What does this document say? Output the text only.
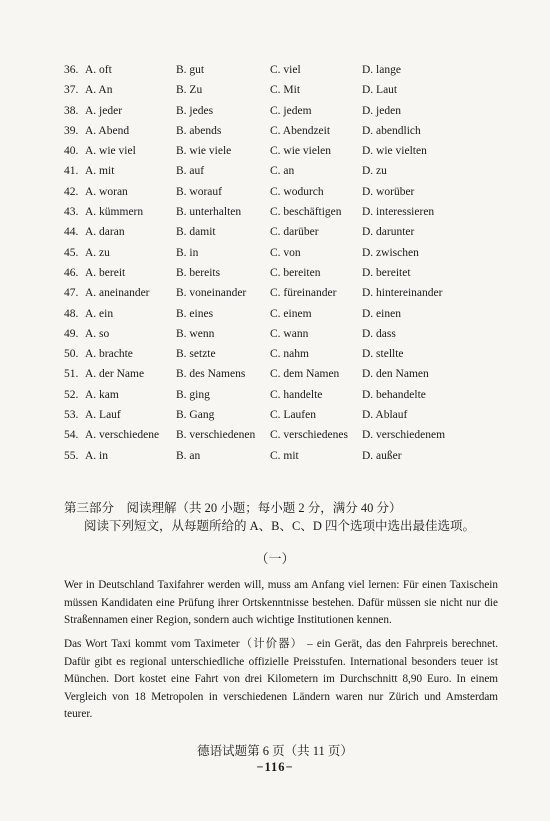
36. A. oft	B. gut	C. viel	D. lange
37. A. An	B. Zu	C. Mit	D. Laut
38. A. jeder	B. jedes	C. jedem	D. jeden
39. A. Abend	B. abends	C. Abendzeit	D. abendlich
40. A. wie viel	B. wie viele	C. wie vielen	D. wie vielten
41. A. mit	B. auf	C. an	D. zu
42. A. woran	B. worauf	C. wodurch	D. worüber
43. A. kümmern	B. unterhalten	C. beschäftigen D. interessieren
44. A. daran	B. damit	C. darüber	D. darunter
45. A. zu	B. in	C. von	D. zwischen
46. A. bereit	B. bereits	C. bereiten	D. bereitet
47. A. aneinander B. voneinander C. füreinander D. hintereinander
48. A. ein	B. eines	C. einem	D. einen
49. A. so	B. wenn	C. wann	D. dass
50. A. brachte	B. setzte	C. nahm	D. stellte
51. A. der Name	B. des Namens C. dem Namen D. den Namen
52. A. kam	B. ging	C. handelte	D. behandelte
53. A. Lauf	B. Gang	C. Laufen	D. Ablauf
54. A. verschiedene B. verschiedenen C. verschiedenes D. verschiedenem
55. A. in	B. an	C. mit	D. außer
第三部分　阅读理解（共 20 小题；每小题 2 分，满分 40 分）
阅读下列短文，从每题所给的 A、B、C、D 四个选项中选出最佳选项。
（一）
Wer in Deutschland Taxifahrer werden will, muss am Anfang viel lernen: Für einen Taxischein müssen Kandidaten eine Prüfung ihrer Ortskenntnisse bestehen. Dafür müssen sie nicht nur die Straßennamen einer Region, sondern auch wichtige Institutionen kennen.
Das Wort Taxi kommt vom Taximeter（计价器） – ein Gerät, das den Fahrpreis berechnet. Dafür gibt es regional unterschiedliche offizielle Preisstufen. International besonders teuer ist München. Dort kostet eine Fahrt von drei Kilometern im Durchschnitt 8,90 Euro. In einem Vergleich von 18 Metropolen in verschiedenen Ländern waren nur Zürich und Amsterdam teurer.
德语试题第 6 页（共 11 页）
−116−
